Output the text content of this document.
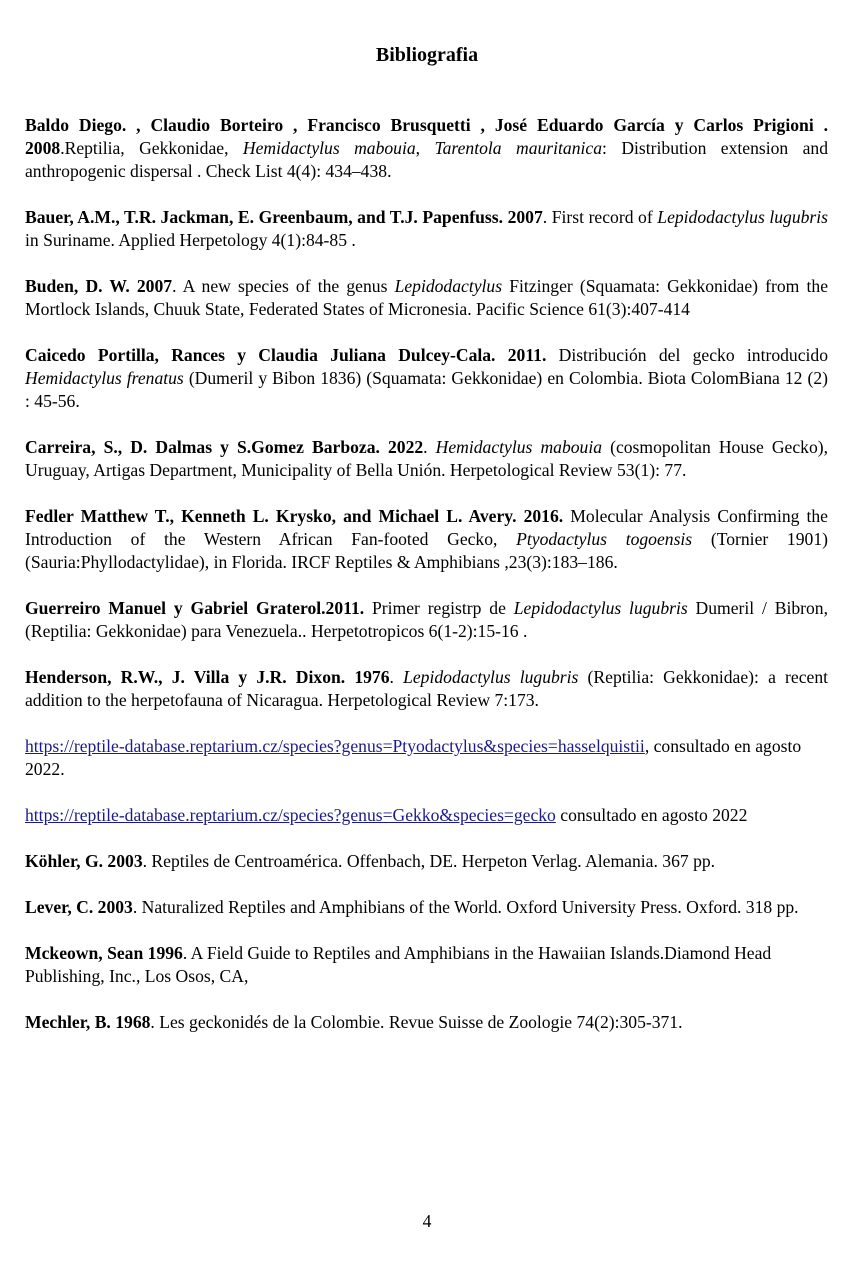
Bibliografia

Baldo Diego. , Claudio Borteiro , Francisco Brusquetti , José Eduardo García y Carlos Prigioni . 2008.Reptilia, Gekkonidae, Hemidactylus mabouia, Tarentola mauritanica: Distribution extension and anthropogenic dispersal . Check List 4(4): 434–438.

Bauer, A.M., T.R. Jackman, E. Greenbaum, and T.J. Papenfuss. 2007. First record of Lepidodactylus lugubris in Suriname. Applied Herpetology 4(1):84-85 .

Buden, D. W. 2007. A new species of the genus Lepidodactylus Fitzinger (Squamata: Gekkonidae) from the Mortlock Islands, Chuuk State, Federated States of Micronesia. Pacific Science 61(3):407-414

Caicedo Portilla, Rances y Claudia Juliana Dulcey-Cala. 2011. Distribución del gecko introducido Hemidactylus frenatus (Dumeril y Bibon 1836) (Squamata: Gekkonidae) en Colombia. Biota ColomBiana 12 (2) : 45-56.

Carreira, S., D. Dalmas y S.Gomez Barboza. 2022. Hemidactylus mabouia (cosmopolitan House Gecko), Uruguay, Artigas Department, Municipality of Bella Unión. Herpetological Review 53(1): 77.

Fedler Matthew T., Kenneth L. Krysko, and Michael L. Avery. 2016. Molecular Analysis Confirming the Introduction of the Western African Fan-footed Gecko, Ptyodactylus togoensis (Tornier 1901) (Sauria:Phyllodactylidae), in Florida. IRCF Reptiles & Amphibians ,23(3):183–186.

Guerreiro Manuel y Gabriel Graterol.2011. Primer registrp de Lepidodactylus lugubris Dumeril / Bibron, (Reptilia: Gekkonidae) para Venezuela.. Herpetotropicos 6(1-2):15-16 .

Henderson, R.W., J. Villa y J.R. Dixon. 1976. Lepidodactylus lugubris (Reptilia: Gekkonidae): a recent addition to the herpetofauna of Nicaragua. Herpetological Review 7:173.

https://reptile-database.reptarium.cz/species?genus=Ptyodactylus&species=hasselquistii, consultado en agosto 2022.

https://reptile-database.reptarium.cz/species?genus=Gekko&species=gecko consultado en agosto 2022

Köhler, G. 2003. Reptiles de Centroamérica. Offenbach, DE. Herpeton Verlag. Alemania. 367 pp.

Lever, C. 2003. Naturalized Reptiles and Amphibians of the World. Oxford University Press. Oxford. 318 pp.

Mckeown, Sean 1996. A Field Guide to Reptiles and Amphibians in the Hawaiian Islands.Diamond Head Publishing, Inc., Los Osos, CA,

Mechler, B. 1968. Les geckonidés de la Colombie. Revue Suisse de Zoologie 74(2):305-371.

4
